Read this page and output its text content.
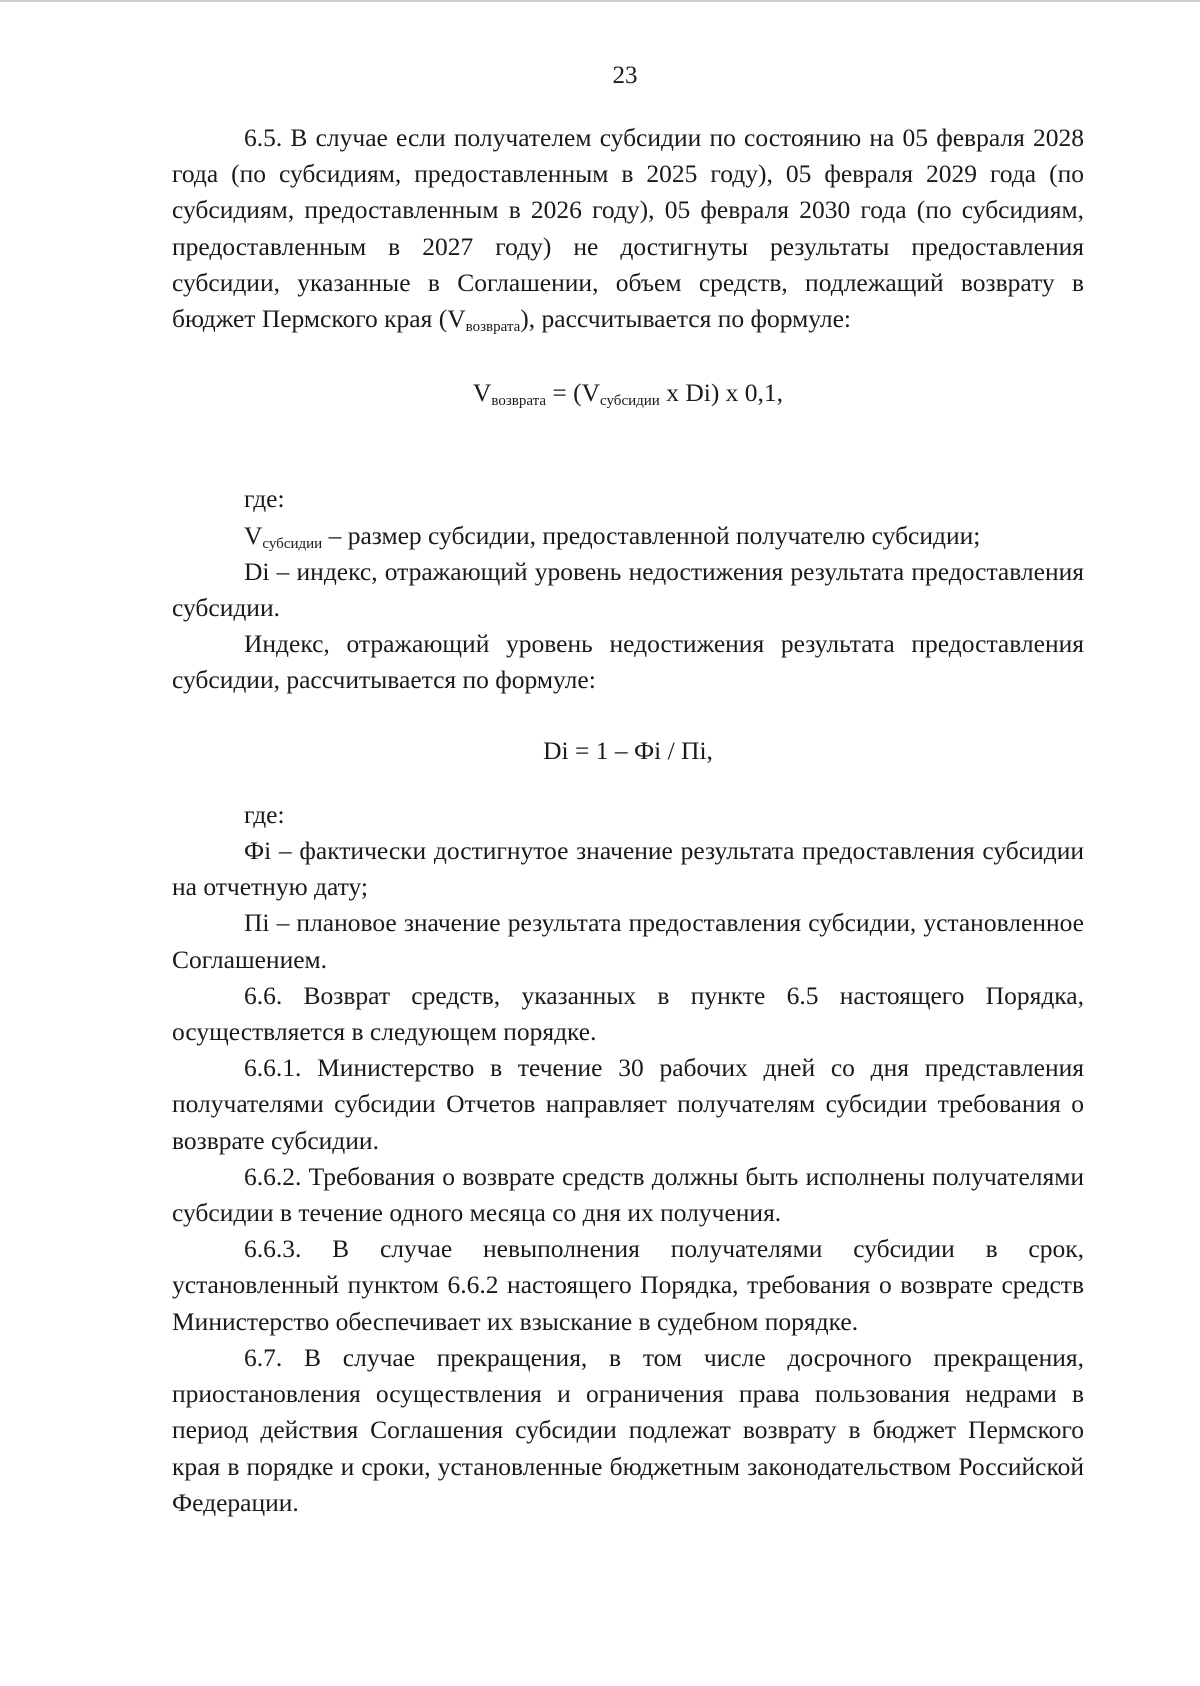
23

6.5. В случае если получателем субсидии по состоянию на 05 февраля 2028 года (по субсидиям, предоставленным в 2025 году), 05 февраля 2029 года (по субсидиям, предоставленным в 2026 году), 05 февраля 2030 года (по субсидиям, предоставленным в 2027 году) не достигнуты результаты предоставления субсидии, указанные в Соглашении, объем средств, подлежащий возврату в бюджет Пермского края $(V_{возврата})$, рассчитывается по формуле:

$V_{возврата} = (V_{субсидии}$ x Di) x 0,1,

где:

$V_{субсидии}$ – размер субсидии, предоставленной получателю субсидии;

Di – индекс, отражающий уровень недостижения результата предоставления субсидии.

Индекс, отражающий уровень недостижения результата предоставления субсидии, рассчитывается по формуле:

Di = 1 – Фi / Пi,

где:

Фi – фактически достигнутое значение результата предоставления субсидии на отчетную дату;

Пi – плановое значение результата предоставления субсидии, установленное Соглашением.

6.6. Возврат средств, указанных в пункте 6.5 настоящего Порядка, осуществляется в следующем порядке.

6.6.1. Министерство в течение 30 рабочих дней со дня представления получателями субсидии Отчетов направляет получателям субсидии требования о возврате субсидии.

6.6.2. Требования о возврате средств должны быть исполнены получателями субсидии в течение одного месяца со дня их получения.

6.6.3. В случае невыполнения получателями субсидии в срок, установленный пунктом 6.6.2 настоящего Порядка, требования о возврате средств Министерство обеспечивает их взыскание в судебном порядке.

6.7. В случае прекращения, в том числе досрочного прекращения, приостановления осуществления и ограничения права пользования недрами в период действия Соглашения субсидии подлежат возврату в бюджет Пермского края в порядке и сроки, установленные бюджетным законодательством Российской Федерации.
